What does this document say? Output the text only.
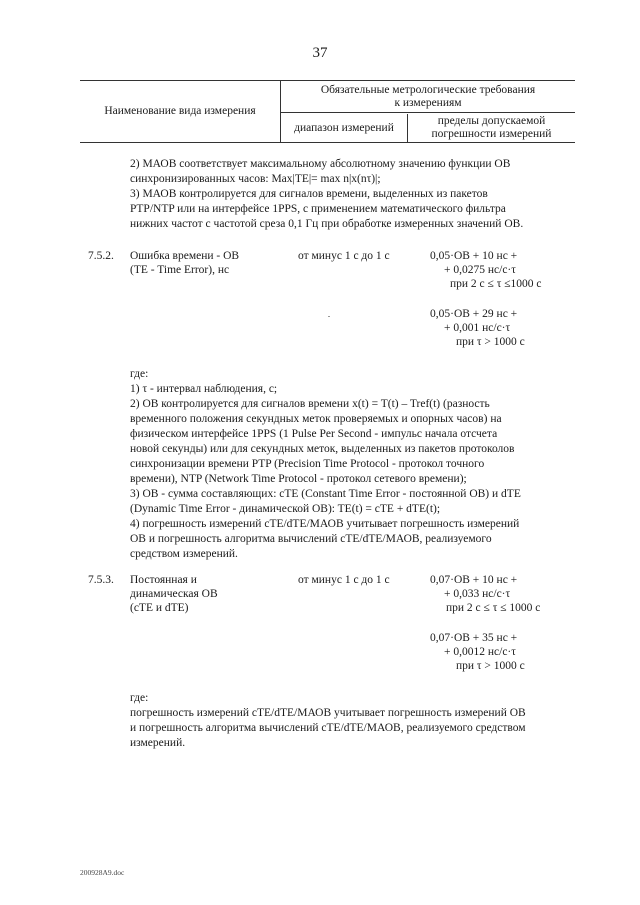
37
Наименование вида измерения
Обязательные метрологические требования
к измерениям
диапазон измерений
пределы допускаемой
погрешности измерений
2) МАОВ соответствует максимальному абсолютному значению функции ОВ
синхронизированных часов: Max|TE|= max n|x(nτ)|;
3) МАОВ контролируется для сигналов времени, выделенных из пакетов
PTP/NTP или на интерфейсе 1PPS, с применением математического фильтра
нижних частот с частотой среза 0,1 Гц при обработке измеренных значений ОВ.
7.5.2. Ошибка времени - ОВ
(TE - Time Error), нс
от минус 1 с до 1 с	0,05·ОВ + 10 нс +
+ 0,0275 нс/с·τ
при 2 с ≤ τ ≤1000 с
0,05·ОВ + 29 нс +
+ 0,001 нс/с·τ
при τ > 1000 с
где:
1) τ - интервал наблюдения, с;
2) ОВ контролируется для сигналов времени x(t) = T(t) – Tref(t) (разность
временного положения секундных меток проверяемых и опорных часов) на
физическом интерфейсе 1PPS (1 Pulse Per Second - импульс начала отсчета
новой секунды) или для секундных меток, выделенных из пакетов протоколов
синхронизации времени PTP (Precision Time Protocol - протокол точного
времени), NTP (Network Time Protocol - протокол сетевого времени);
3) ОВ - сумма составляющих: cTE (Constant Time Error - постоянной ОВ) и dTE
(Dynamic Time Error - динамической ОВ): TE(t) = cTE + dTE(t);
4) погрешность измерений cTE/dTE/МАОВ учитывает погрешность измерений
ОВ и погрешность алгоритма вычислений cTE/dTE/МАОВ, реализуемого
средством измерений.
7.5.3. Постоянная и
динамическая ОВ
(cTE и dTE)
от минус 1 с до 1 с	0,07·ОВ + 10 нс +
+ 0,033 нс/с·τ
при 2 с ≤ τ ≤ 1000 с
0,07·ОВ + 35 нс +
+ 0,0012 нс/с·τ
при τ > 1000 с
где:
погрешность измерений cTE/dTE/МАОВ учитывает погрешность измерений ОВ
и погрешность алгоритма вычислений cTE/dTE/МАОВ, реализуемого средством
измерений.
200928А9.doc
